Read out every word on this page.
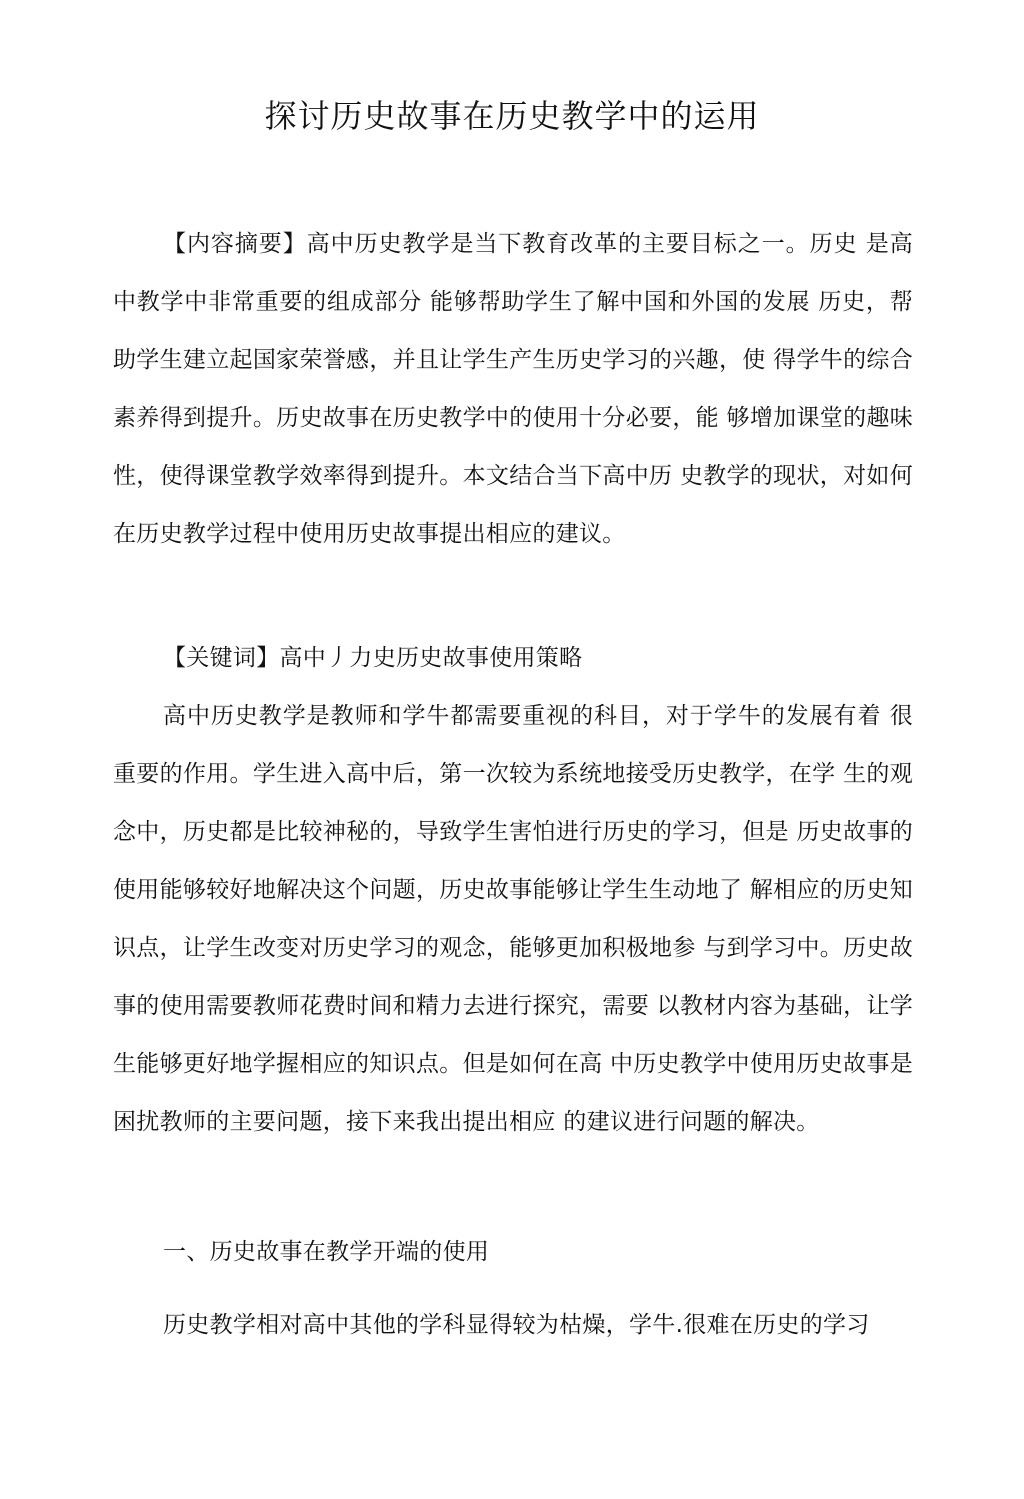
探讨历史故事在历史教学中的运用

【内容摘要】高中历史教学是当下教育改革的主要目标之一。历史 是高中教学中非常重要的组成部分 能够帮助学生了解中国和外国的发展 历史，帮助学生建立起国家荣誉感，并且让学生产生历史学习的兴趣，使 得学牛的综合素养得到提升。历史故事在历史教学中的使用十分必要，能 够增加课堂的趣味性，使得课堂教学效率得到提升。本文结合当下高中历 史教学的现状，对如何在历史教学过程中使用历史故事提出相应的建议。

【关键词】高中丿力史历史故事使用策略

高中历史教学是教师和学牛都需要重视的科目，对于学牛的发展有着 很重要的作用。学生进入高中后，第一次较为系统地接受历史教学，在学 生的观念中，历史都是比较神秘的，导致学生害怕进行历史的学习，但是 历史故事的使用能够较好地解决这个问题，历史故事能够让学生生动地了 解相应的历史知识点，让学生改变对历史学习的观念，能够更加积极地参 与到学习中。历史故事的使用需要教师花费时间和精力去进行探究，需要 以教材内容为基础，让学生能够更好地学握相应的知识点。但是如何在高 中历史教学中使用历史故事是困扰教师的主要问题，接下来我出提出相应 的建议进行问题的解决。

一、历史故事在教学开端的使用

历史教学相对高中其他的学科显得较为枯燥，学牛.很难在历史的学习
